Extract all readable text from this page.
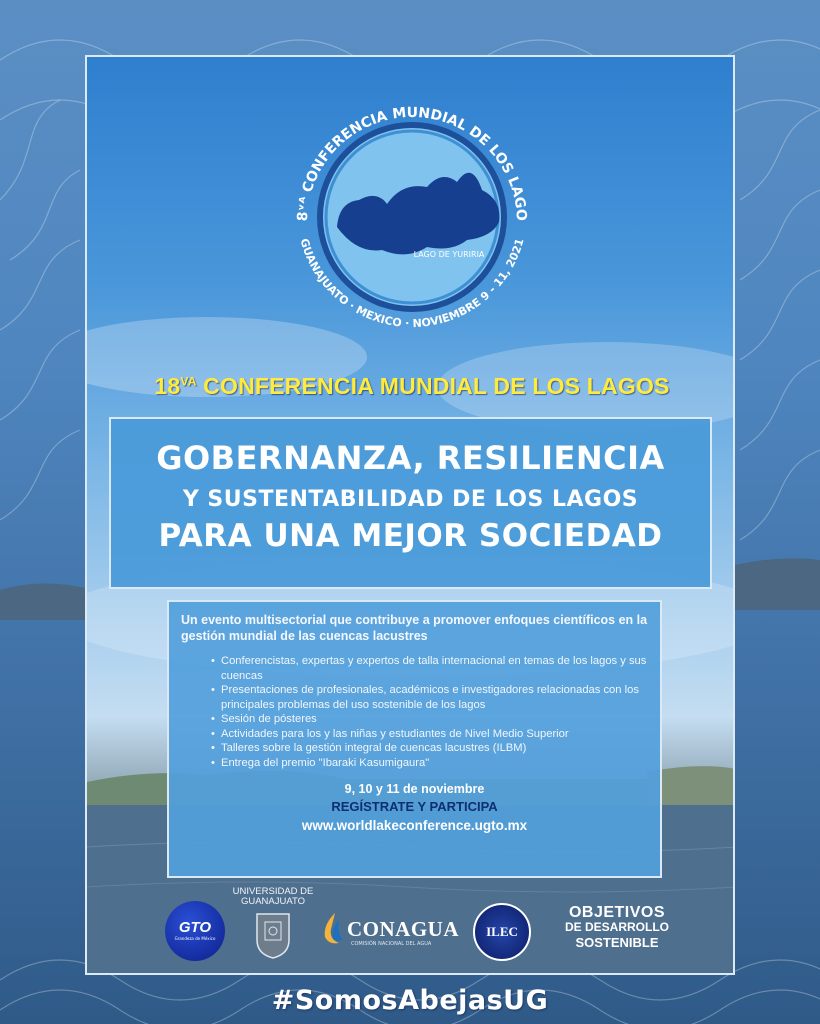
8ᵛᴬ CONFERENCIA MUNDIAL DE LOS LAGO
GUANAJUATO · MEXICO · NOVIEMBRE 9 - 11, 2021
LAGO DE YURIRIA
$18^{VA}$ CONFERENCIA MUNDIAL DE LOS LAGOS
GOBERNANZA, RESILIENCIA
Y SUSTENTABILIDAD DE LOS LAGOS
PARA UNA MEJOR SOCIEDAD
Un evento multisectorial que contribuye a promover enfoques científicos en la gestión mundial de las cuencas lacustres
• Conferencistas, expertas y expertos de talla internacional en temas de los lagos y sus cuencas
• Presentaciones de profesionales, académicos e investigadores relacionadas con los principales problemas del uso sostenible de los lagos
• Sesión de pósteres
• Actividades para los y las niñas y estudiantes de Nivel Medio Superior
• Talleres sobre la gestión integral de cuencas lacustres (ILBM)
• Entrega del premio "Ibaraki Kasumigaura"
9, 10 y 11 de noviembre
REGÍSTRATE Y PARTICIPA
www.worldlakeconference.ugto.mx
GTO
Grandeza de México
UNIVERSIDAD DE GUANAJUATO
CONAGUA
COMISIÓN NACIONAL DEL AGUA
ILEC
OBJETIVOS
DE DESARROLLO
SOSTENIBLE
#SomosAbejasUG
